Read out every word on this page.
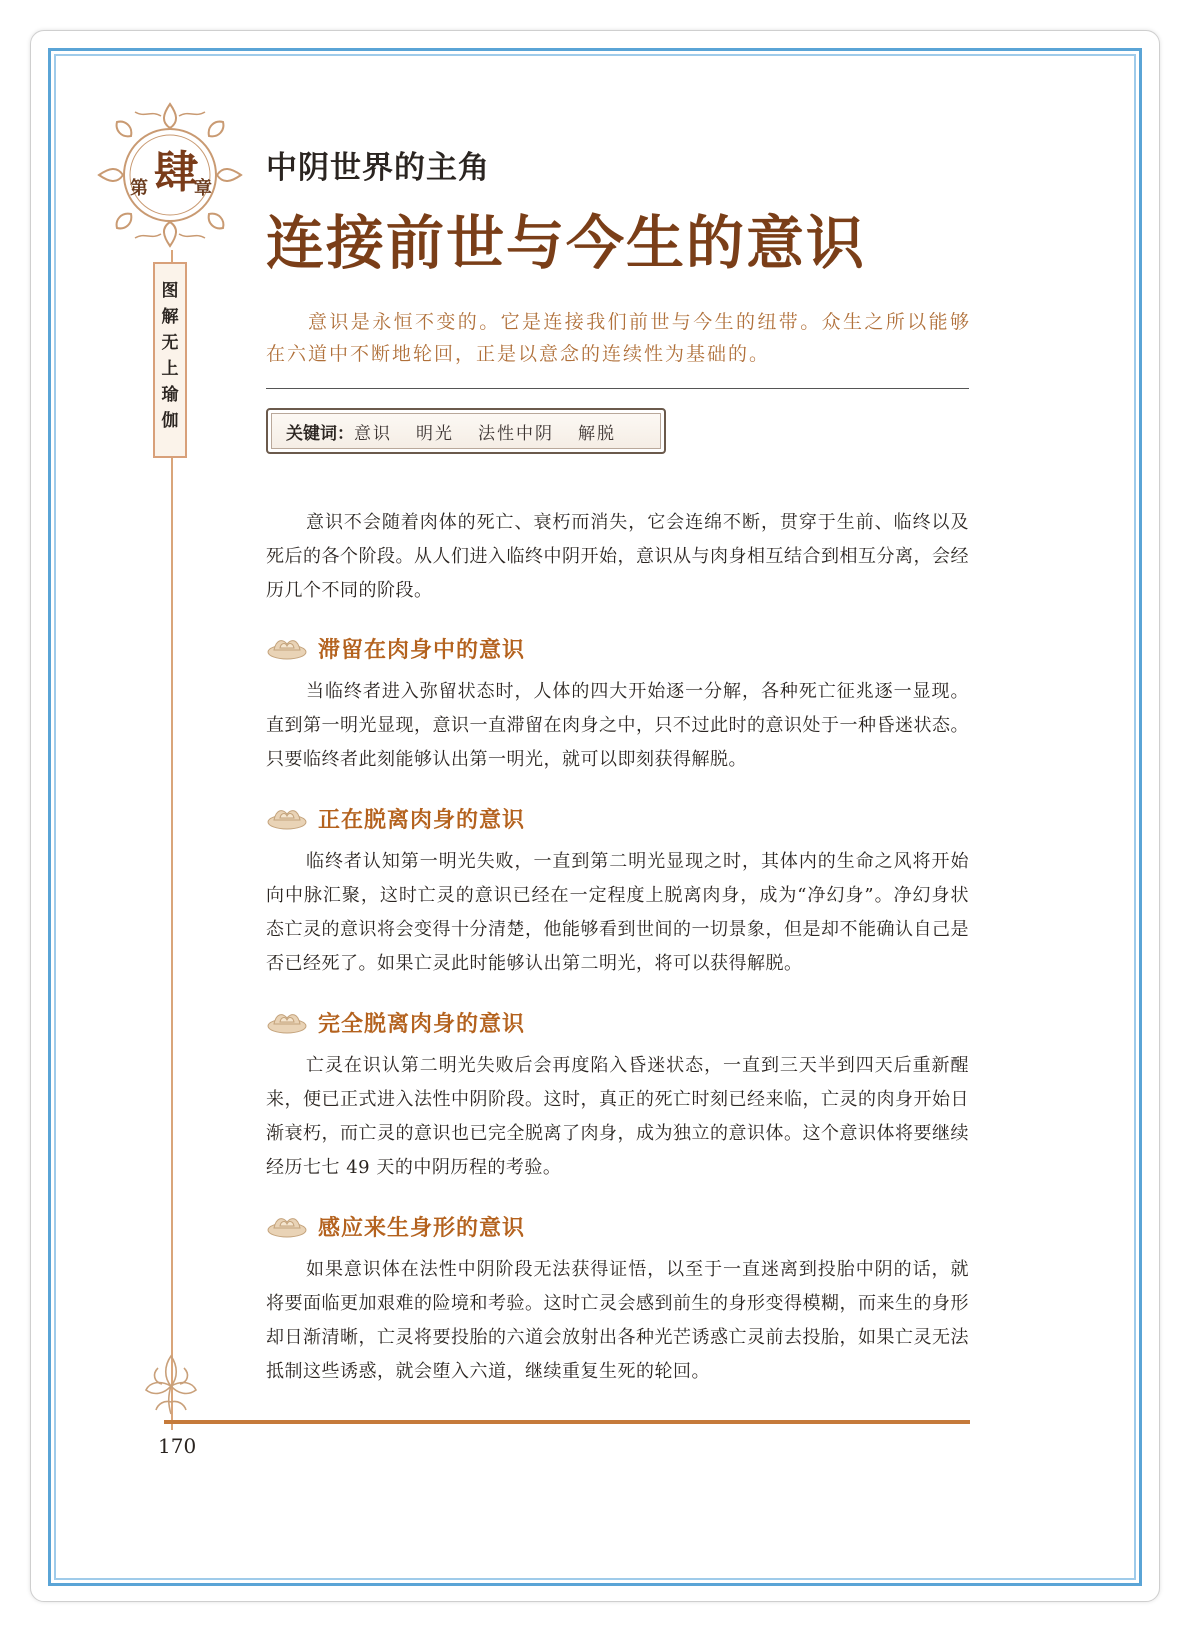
第 肆
章
图
解
无
上
瑜
伽
中阴世界的主角
连接前世与今生的意识
意识是永恒不变的。它是连接我们前世与今生的纽带。众生之所以能够在六道中不断地轮回，正是以意念的连续性为基础的。
关键词： 意识 明光 法性中阴 解脱

意识不会随着肉体的死亡、衰朽而消失，它会连绵不断，贯穿于生前、临终以及死后的各个阶段。从人们进入临终中阴开始，意识从与肉身相互结合到相互分离，会经历几个不同的阶段。

滞留在肉身中的意识

当临终者进入弥留状态时，人体的四大开始逐一分解，各种死亡征兆逐一显现。直到第一明光显现，意识一直滞留在肉身之中，只不过此时的意识处于一种昏迷状态。只要临终者此刻能够认出第一明光，就可以即刻获得解脱。

正在脱离肉身的意识

临终者认知第一明光失败，一直到第二明光显现之时，其体内的生命之风将开始向中脉汇聚，这时亡灵的意识已经在一定程度上脱离肉身，成为“净幻身”。净幻身状态亡灵的意识将会变得十分清楚，他能够看到世间的一切景象，但是却不能确认自己是否已经死了。如果亡灵此时能够认出第二明光，将可以获得解脱。

完全脱离肉身的意识

亡灵在识认第二明光失败后会再度陷入昏迷状态，一直到三天半到四天后重新醒来，便已正式进入法性中阴阶段。这时，真正的死亡时刻已经来临，亡灵的肉身开始日渐衰朽，而亡灵的意识也已完全脱离了肉身，成为独立的意识体。这个意识体将要继续经历七七 49 天的中阴历程的考验。

感应来生身形的意识

如果意识体在法性中阴阶段无法获得证悟，以至于一直迷离到投胎中阴的话，就将要面临更加艰难的险境和考验。这时亡灵会感到前生的身形变得模糊，而来生的身形却日渐清晰，亡灵将要投胎的六道会放射出各种光芒诱惑亡灵前去投胎，如果亡灵无法抵制这些诱惑，就会堕入六道，继续重复生死的轮回。

170
